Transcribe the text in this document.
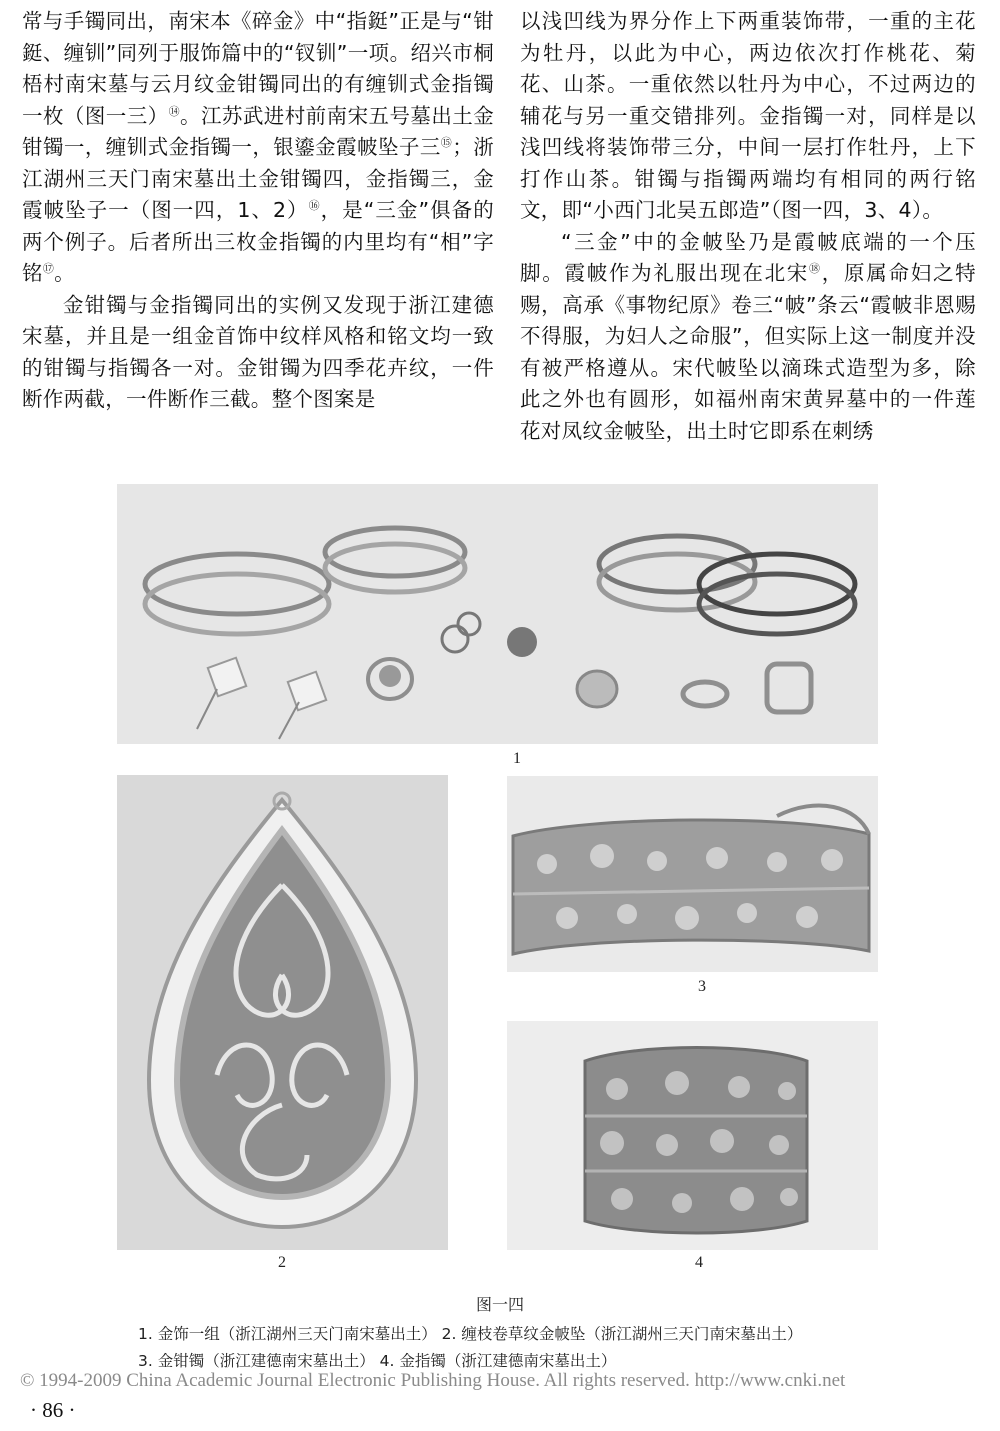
常与手镯同出，南宋本《碎金》中“指鋌”正是与“钳鋌、缠钏”同列于服饰篇中的“钗钏”一项。绍兴市桐梧村南宋墓与云月纹金钳镯同出的有缠钏式金指镯一枚（图一三）⑭。江苏武进村前南宋五号墓出土金钳镯一，缠钏式金指镯一，银鎏金霞帔坠子三⑮；浙江湖州三天门南宋墓出土金钳镯四，金指镯三，金霞帔坠子一（图一四，1、2）⑯，是“三金”俱备的两个例子。后者所出三枚金指镯的内里均有“相”字铭⑰。

金钳镯与金指镯同出的实例又发现于浙江建德宋墓，并且是一组金首饰中纹样风格和铭文均一致的钳镯与指镯各一对。金钳镯为四季花卉纹，一件断作两截，一件断作三截。整个图案是

以浅凹线为界分作上下两重装饰带，一重的主花为牡丹，以此为中心，两边依次打作桃花、菊花、山茶。一重依然以牡丹为中心，不过两边的辅花与另一重交错排列。金指镯一对，同样是以浅凹线将装饰带三分，中间一层打作牡丹，上下打作山茶。钳镯与指镯两端均有相同的两行铭文，即“小西门北吴五郎造”（图一四，3、4）。

“三金”中的金帔坠乃是霞帔底端的一个压脚。霞帔作为礼服出现在北宋⑱，原属命妇之特赐，高承《事物纪原》卷三“帔”条云“霞帔非恩赐不得服，为妇人之命服”，但实际上这一制度并没有被严格遵从。宋代帔坠以滴珠式造型为多，除此之外也有圆形，如福州南宋黄昇墓中的一件莲花对凤纹金帔坠，出土时它即系在刺绣

1
2
3
4
图一四
1. 金饰一组（浙江湖州三天门南宋墓出土） 2. 缠枝卷草纹金帔坠（浙江湖州三天门南宋墓出土）
3. 金钳镯（浙江建德南宋墓出土） 4. 金指镯（浙江建德南宋墓出土）
© 1994-2009 China Academic Journal Electronic Publishing House. All rights reserved. http://www.cnki.net
· 86 ·
